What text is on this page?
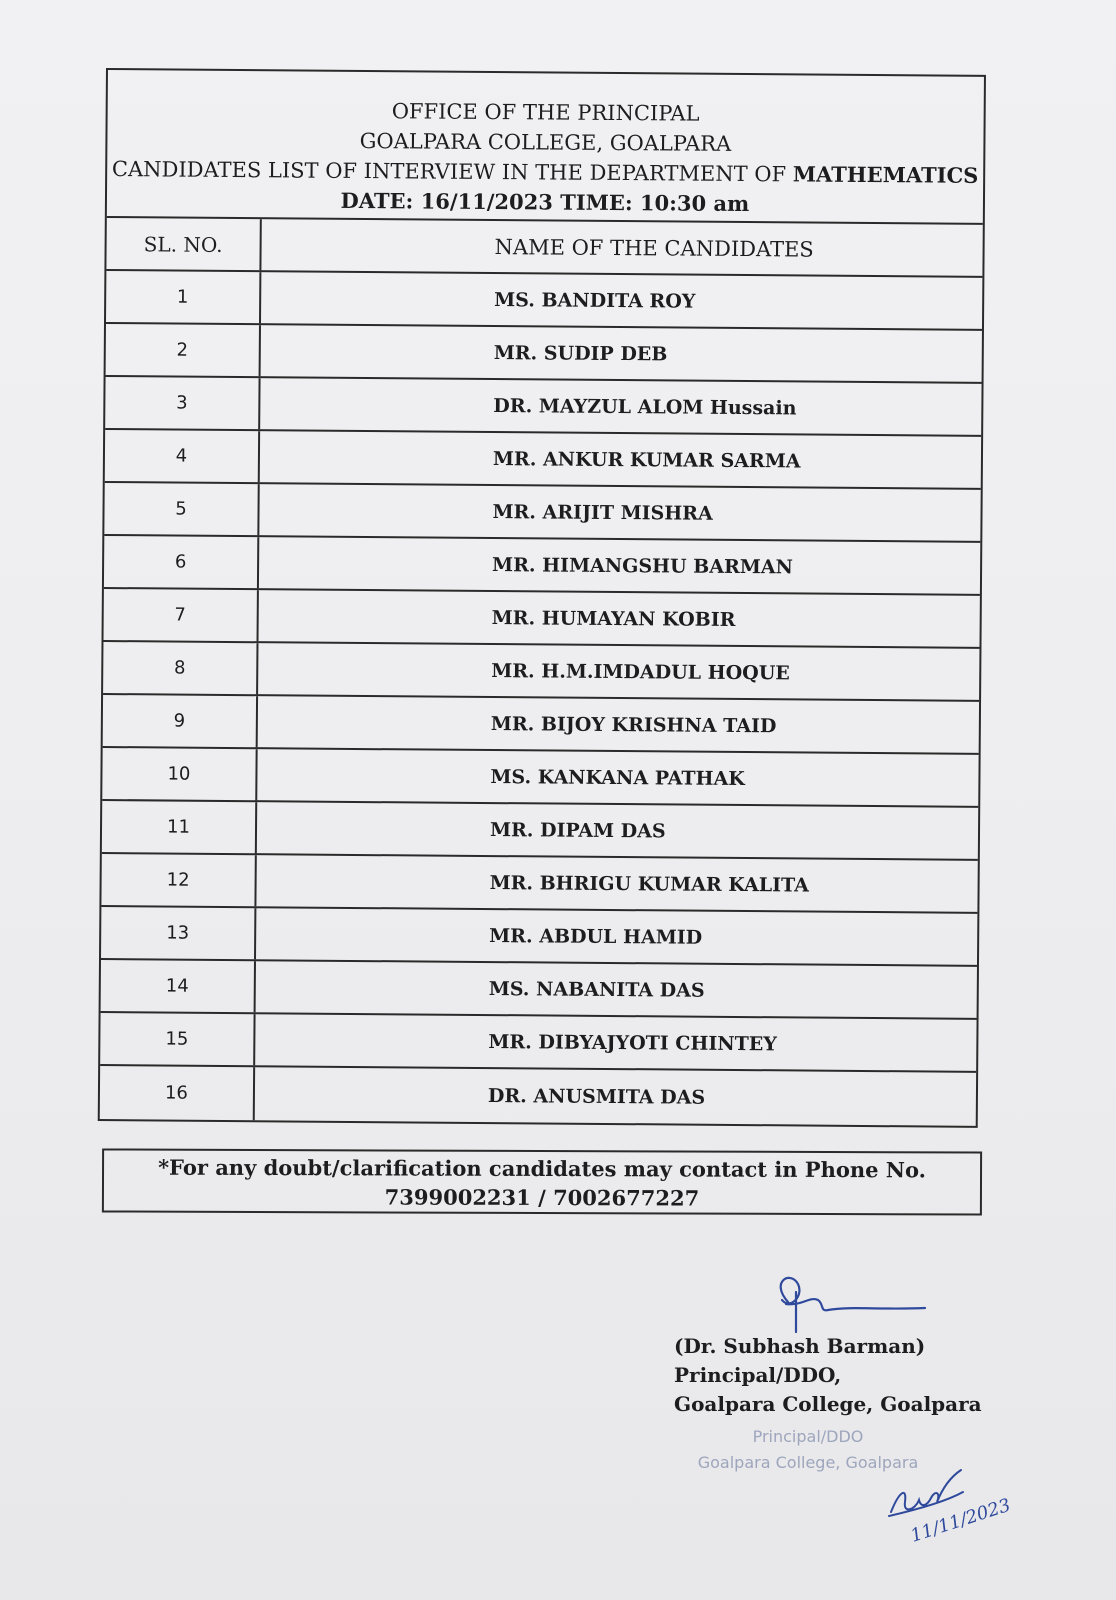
OFFICE OF THE PRINCIPAL
GOALPARA COLLEGE, GOALPARA
CANDIDATES LIST OF INTERVIEW IN THE DEPARTMENT OF MATHEMATICS
DATE: 16/11/2023 TIME: 10:30 am
SL. NO.	NAME OF THE CANDIDATES
1	MS. BANDITA ROY
2	MR. SUDIP DEB
3	DR. MAYZUL ALOM Hussain
4	MR. ANKUR KUMAR SARMA
5	MR. ARIJIT MISHRA
6	MR. HIMANGSHU BARMAN
7	MR. HUMAYAN KOBIR
8	MR. H.M.IMDADUL HOQUE
9	MR. BIJOY KRISHNA TAID
10	MS. KANKANA PATHAK
11	MR. DIPAM DAS
12	MR. BHRIGU KUMAR KALITA
13	MR. ABDUL HAMID
14	MS. NABANITA DAS
15	MR. DIBYAJYOTI CHINTEY
16	DR. ANUSMITA DAS
*For any doubt/clarification candidates may contact in Phone No.
7399002231 / 7002677227
(Dr. Subhash Barman)
Principal/DDO,
Goalpara College, Goalpara
Principal/DDO
Goalpara College, Goalpara
11/11/2023
